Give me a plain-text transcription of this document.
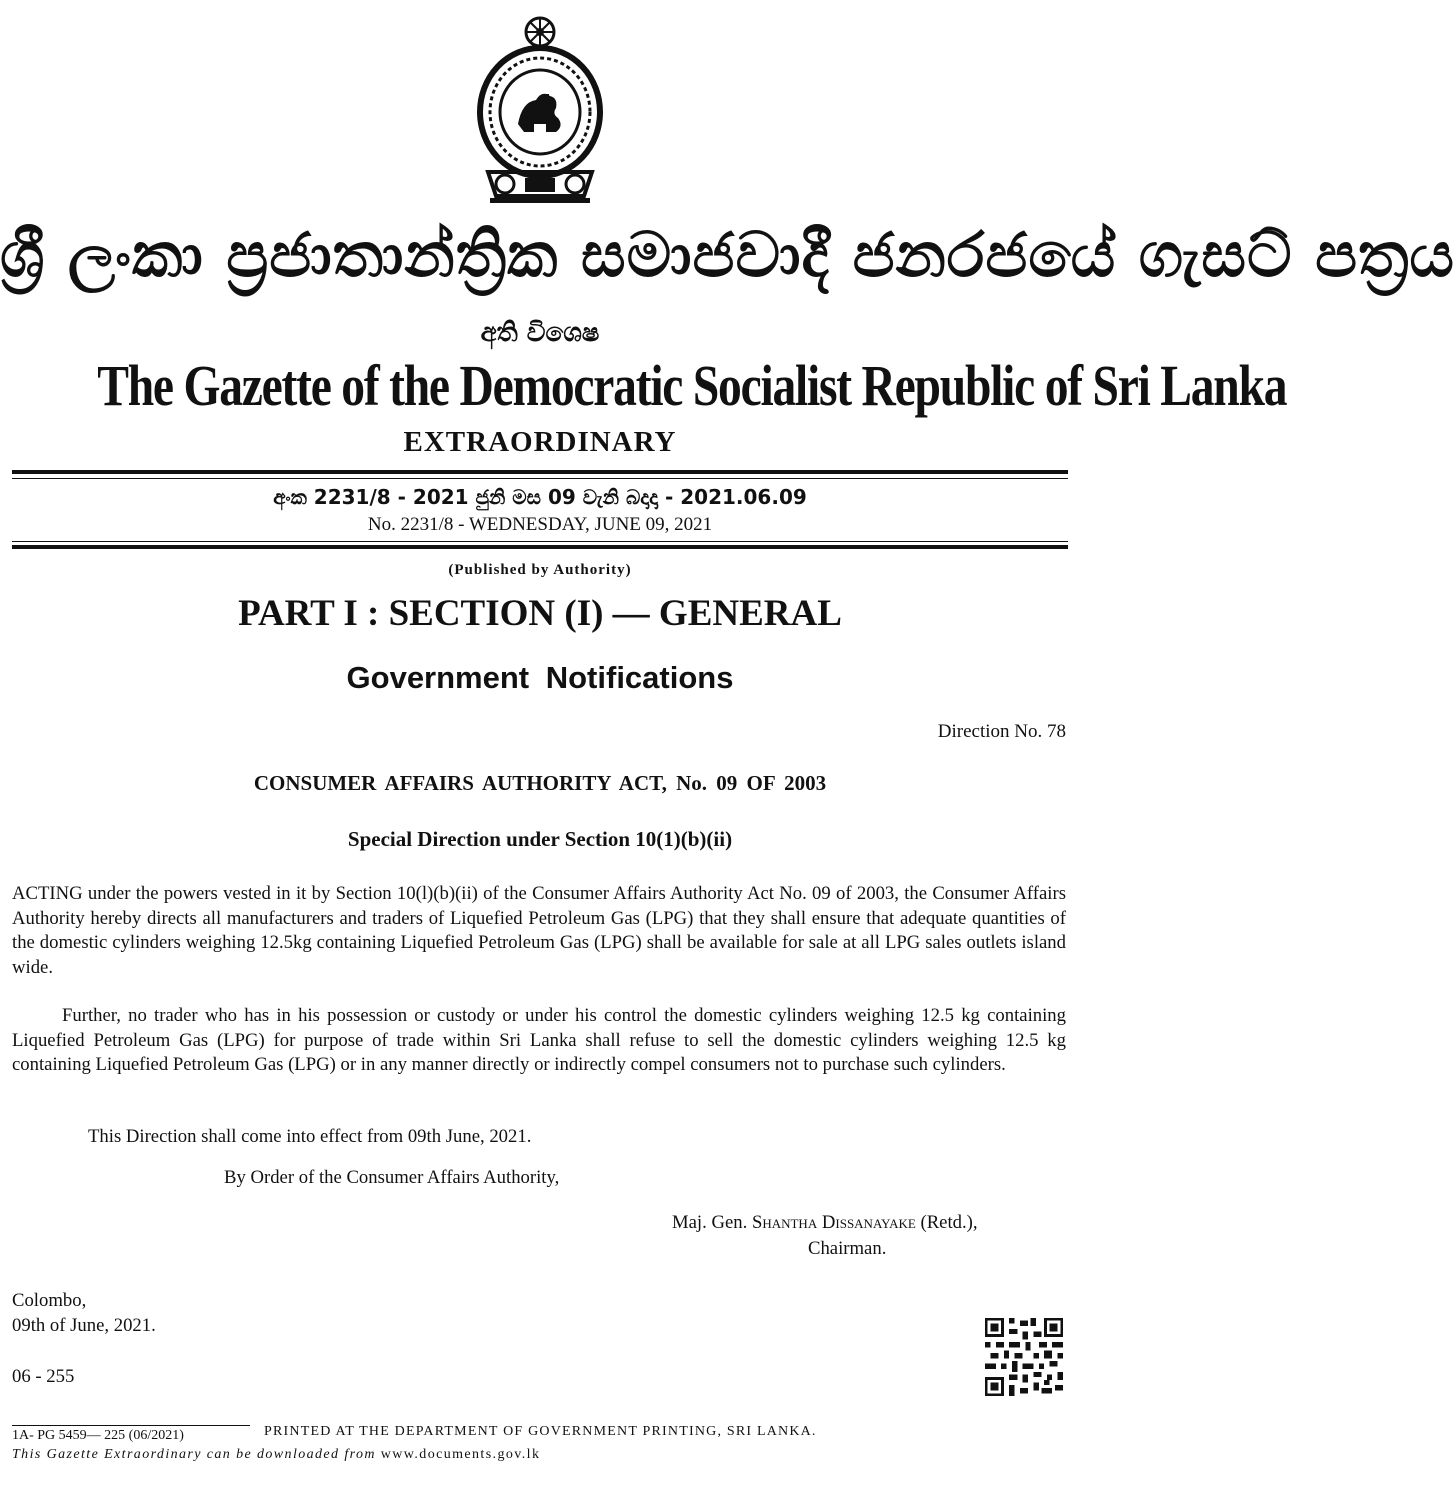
ශ්‍රී ලංකා ප්‍රජාතාන්ත්‍රික සමාජවාදී ජනරජයේ ගැසට් පත්‍රය
අති විශෙෂ
The Gazette of the Democratic Socialist Republic of Sri Lanka
EXTRAORDINARY
අංක 2231/8 - 2021 ජුනි මස 09 වැනි බදාදා - 2021.06.09
No. 2231/8 - WEDNESDAY, JUNE 09, 2021
(Published by Authority)
PART I : SECTION (I) — GENERAL
Government Notifications
Direction No. 78
CONSUMER AFFAIRS AUTHORITY ACT, No. 09 OF 2003
Special Direction under Section 10(1)(b)(ii)
ACTING under the powers vested in it by Section 10(l)(b)(ii) of the Consumer Affairs Authority Act No. 09 of 2003, the Consumer Affairs Authority hereby directs all manufacturers and traders of Liquefied Petroleum Gas (LPG) that they shall ensure that adequate quantities of the domestic cylinders weighing 12.5kg containing Liquefied Petroleum Gas (LPG) shall be available for sale at all LPG sales outlets island wide.
Further, no trader who has in his possession or custody or under his control the domestic cylinders weighing 12.5 kg containing Liquefied Petroleum Gas (LPG) for purpose of trade within Sri Lanka shall refuse to sell the domestic cylinders weighing 12.5 kg containing Liquefied Petroleum Gas (LPG) or in any manner directly or indirectly compel consumers not to purchase such cylinders.
This Direction shall come into effect from 09th June, 2021.
By Order of the Consumer Affairs Authority,
Maj. Gen. Shantha Dissanayake (Retd.),
Chairman.
Colombo,
09th of June, 2021.
06 - 255
1A- PG 5459— 225 (06/2021)	PRINTED AT THE DEPARTMENT OF GOVERNMENT PRINTING, SRI LANKA.
This Gazette Extraordinary can be downloaded from www.documents.gov.lk
